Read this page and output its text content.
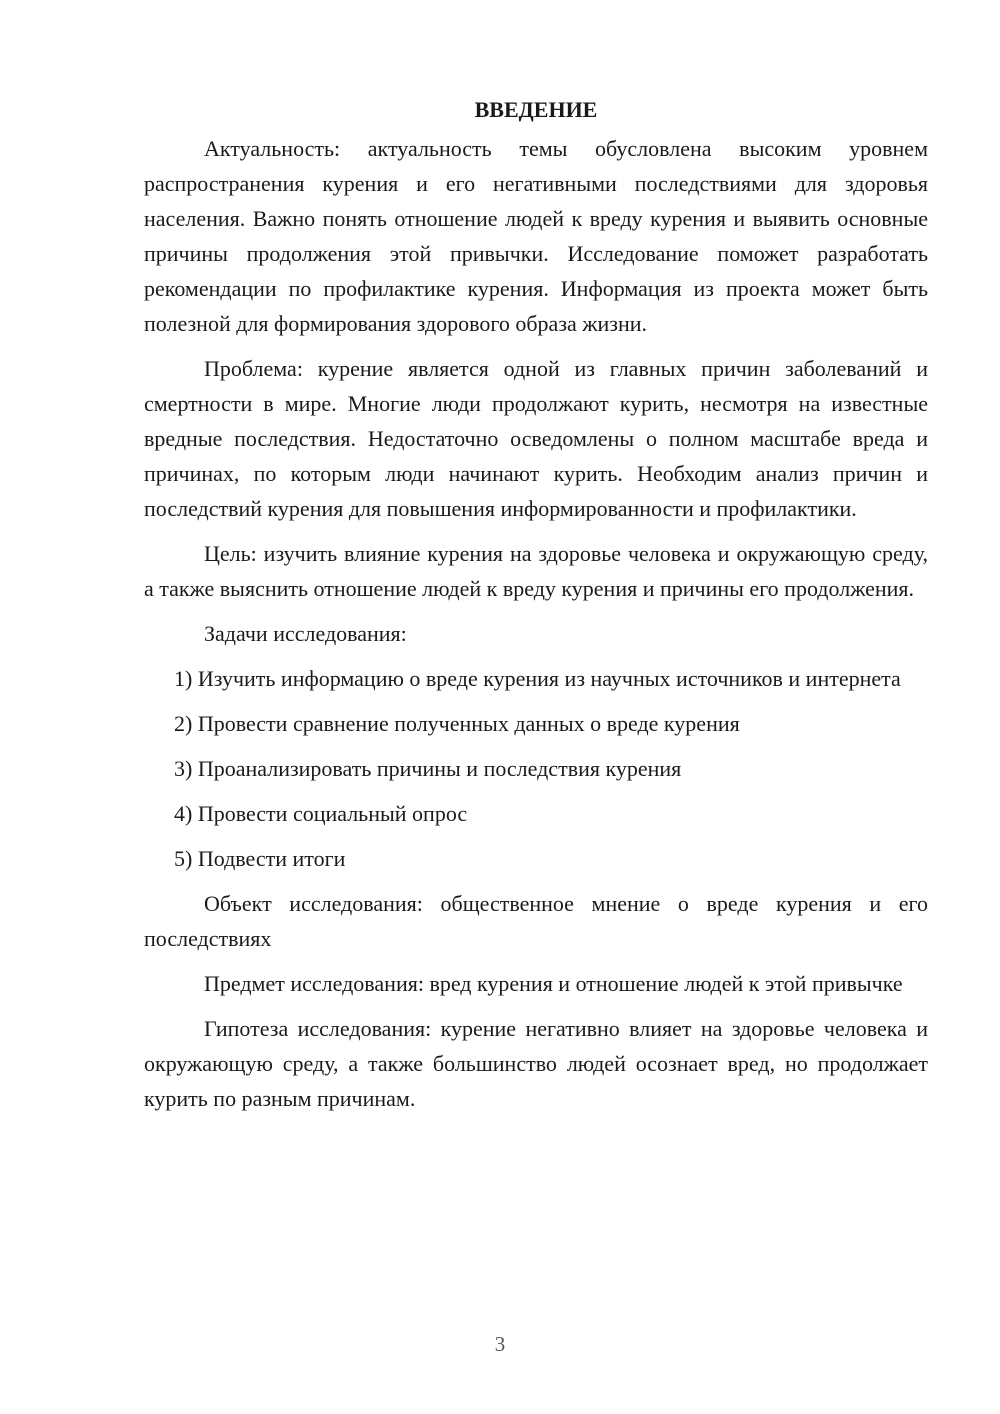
ВВЕДЕНИЕ

Актуальность: актуальность темы обусловлена высоким уровнем распространения курения и его негативными последствиями для здоровья населения. Важно понять отношение людей к вреду курения и выявить основные причины продолжения этой привычки. Исследование поможет разработать рекомендации по профилактике курения. Информация из проекта может быть полезной для формирования здорового образа жизни.

Проблема: курение является одной из главных причин заболеваний и смертности в мире. Многие люди продолжают курить, несмотря на известные вредные последствия. Недостаточно осведомлены о полном масштабе вреда и причинах, по которым люди начинают курить. Необходим анализ причин и последствий курения для повышения информированности и профилактики.

Цель: изучить влияние курения на здоровье человека и окружающую среду, а также выяснить отношение людей к вреду курения и причины его продолжения.

Задачи исследования:

1) Изучить информацию о вреде курения из научных источников и интернета

2) Провести сравнение полученных данных о вреде курения

3) Проанализировать причины и последствия курения

4) Провести социальный опрос

5) Подвести итоги

Объект исследования: общественное мнение о вреде курения и его последствиях

Предмет исследования: вред курения и отношение людей к этой привычке

Гипотеза исследования: курение негативно влияет на здоровье человека и окружающую среду, а также большинство людей осознает вред, но продолжает курить по разным причинам.

3
